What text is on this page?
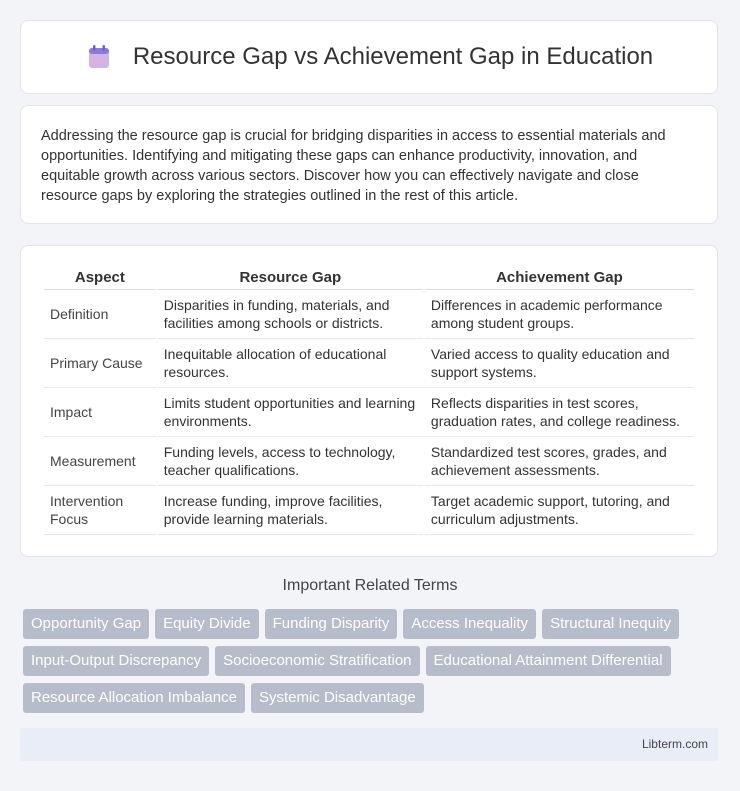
Resource Gap vs Achievement Gap in Education
Addressing the resource gap is crucial for bridging disparities in access to essential materials and opportunities. Identifying and mitigating these gaps can enhance productivity, innovation, and equitable growth across various sectors. Discover how you can effectively navigate and close resource gaps by exploring the strategies outlined in the rest of this article.
Aspect	Resource Gap	Achievement Gap
Definition	Disparities in funding, materials, and facilities among schools or districts.	Differences in academic performance among student groups.
Primary Cause	Inequitable allocation of educational resources.	Varied access to quality education and support systems.
Impact	Limits student opportunities and learning environments.	Reflects disparities in test scores, graduation rates, and college readiness.
Measurement	Funding levels, access to technology, teacher qualifications.	Standardized test scores, grades, and achievement assessments.
Intervention Focus	Increase funding, improve facilities, provide learning materials.	Target academic support, tutoring, and curriculum adjustments.
Important Related Terms
Opportunity Gap	Equity Divide	Funding Disparity	Access Inequality	Structural Inequity
Input-Output Discrepancy	Socioeconomic Stratification	Educational Attainment Differential
Resource Allocation Imbalance	Systemic Disadvantage
Libterm.com
